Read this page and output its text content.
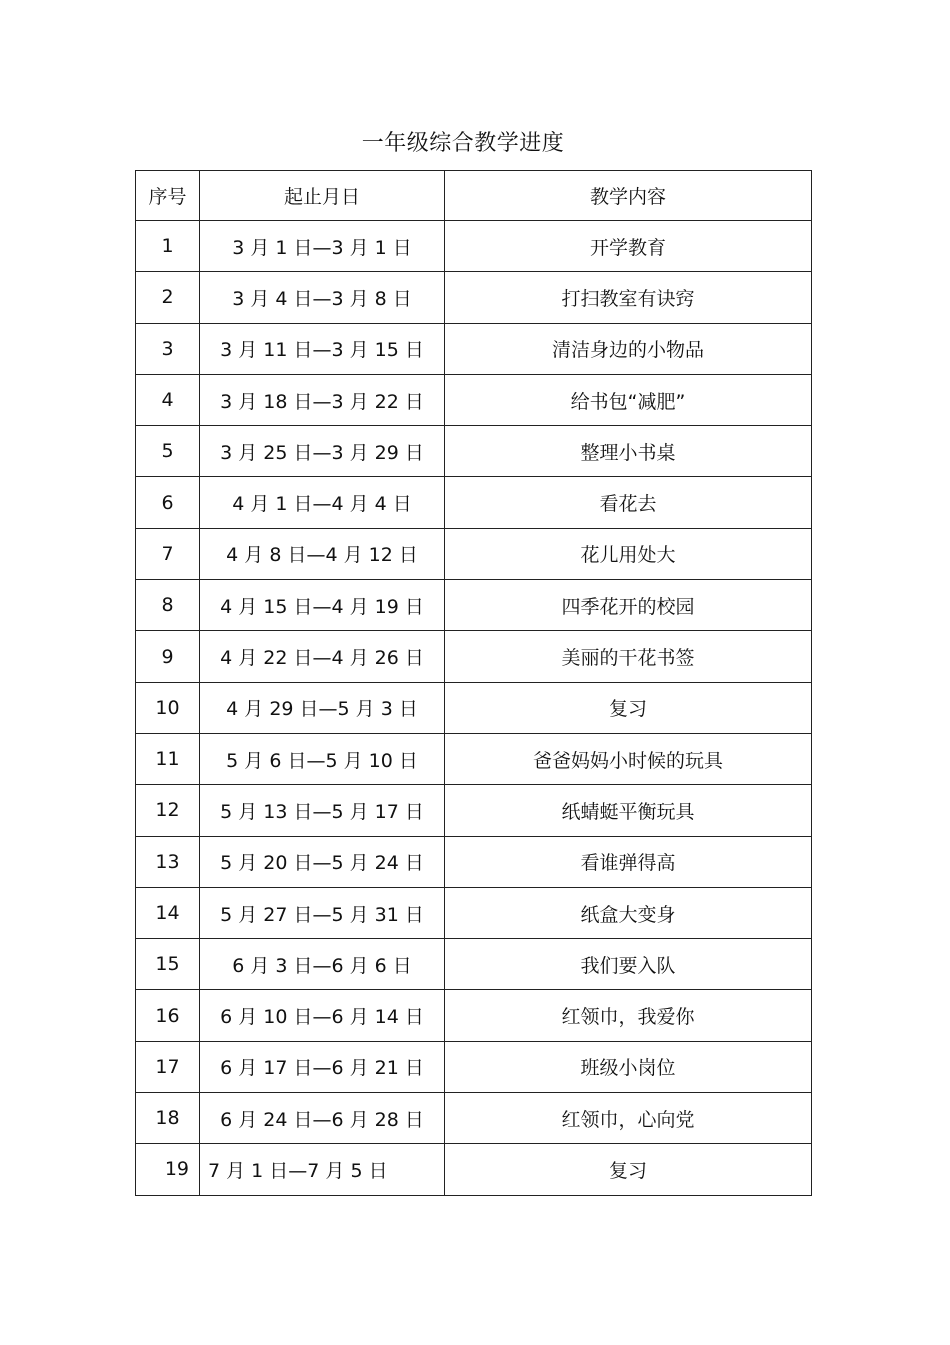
一年级综合教学进度
序号	起止月日	教学内容
1	3 月 1 日—3 月 1 日	开学教育
2	3 月 4 日—3 月 8 日	打扫教室有诀窍
3	3 月 11 日—3 月 15 日	清洁身边的小物品
4	3 月 18 日—3 月 22 日	给书包“减肥”
5	3 月 25 日—3 月 29 日	整理小书桌
6	4 月 1 日—4 月 4 日	看花去
7	4 月 8 日—4 月 12 日	花儿用处大
8	4 月 15 日—4 月 19 日	四季花开的校园
9	4 月 22 日—4 月 26 日	美丽的干花书签
10	4 月 29 日—5 月 3 日	复习
11	5 月 6 日—5 月 10 日	爸爸妈妈小时候的玩具
12	5 月 13 日—5 月 17 日	纸蜻蜓平衡玩具
13	5 月 20 日—5 月 24 日	看谁弹得高
14	5 月 27 日—5 月 31 日	纸盒大变身
15	6 月 3 日—6 月 6 日	我们要入队
16	6 月 10 日—6 月 14 日	红领巾，我爱你
17	6 月 17 日—6 月 21 日	班级小岗位
18	6 月 24 日—6 月 28 日	红领巾，心向党
19	7 月 1 日—7 月 5 日	复习
